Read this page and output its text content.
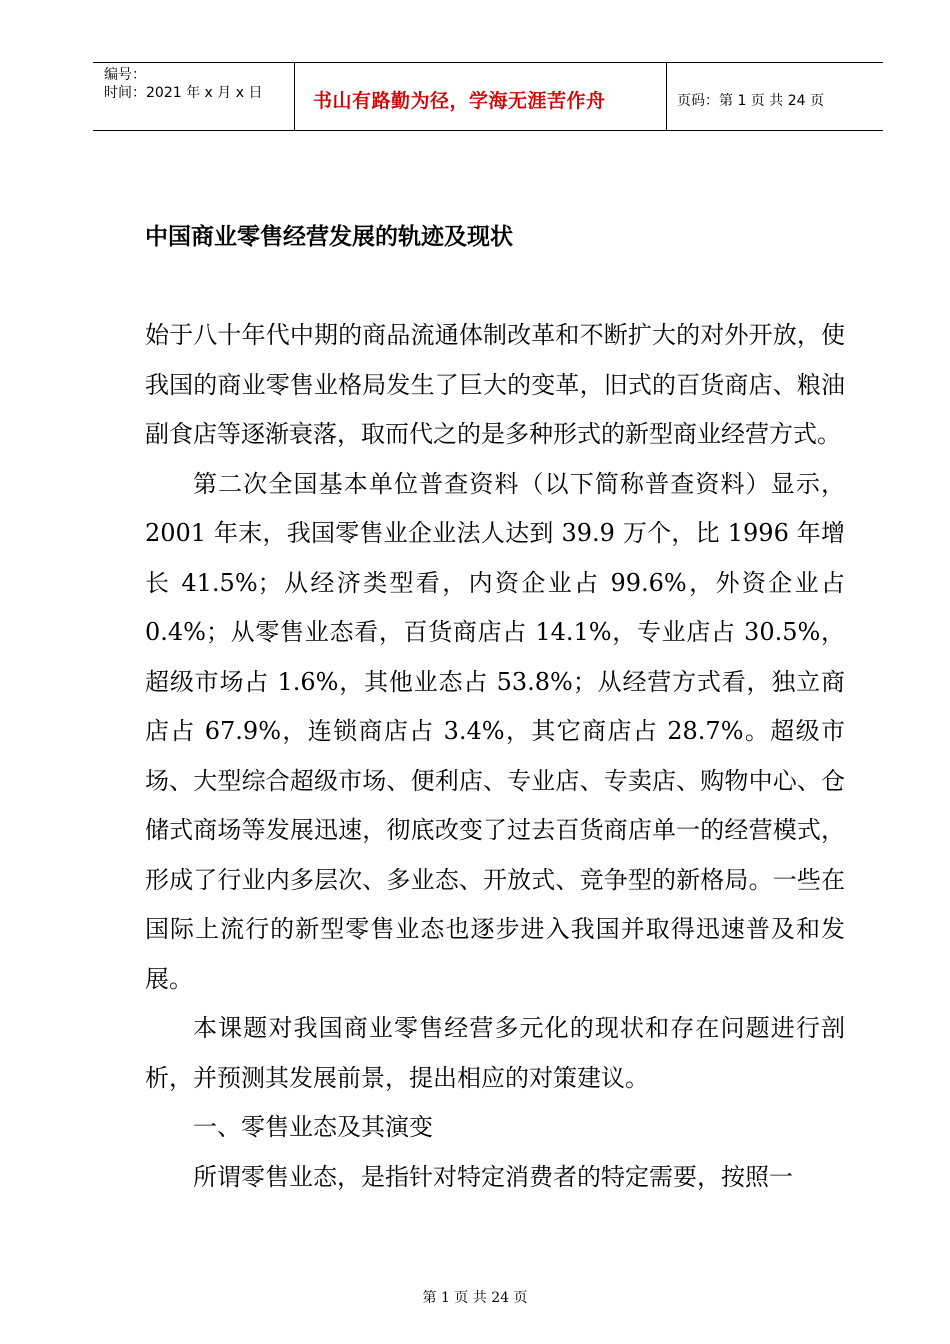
编号：
时间：2021 年 x 月 x 日	书山有路勤为径，学海无涯苦作舟	页码：第 1 页 共 24 页
中国商业零售经营发展的轨迹及现状

始于八十年代中期的商品流通体制改革和不断扩大的对外开放，使我国的商业零售业格局发生了巨大的变革，旧式的百货商店、粮油副食店等逐渐衰落，取而代之的是多种形式的新型商业经营方式。

第二次全国基本单位普查资料（以下简称普查资料）显示，2001 年末，我国零售业企业法人达到 39.9 万个，比 1996 年增长 41.5%；从经济类型看，内资企业占 99.6%，外资企业占 0.4%；从零售业态看，百货商店占 14.1%，专业店占 30.5%，超级市场占 1.6%，其他业态占 53.8%；从经营方式看，独立商店占 67.9%，连锁商店占 3.4%，其它商店占 28.7%。超级市场、大型综合超级市场、便利店、专业店、专卖店、购物中心、仓储式商场等发展迅速，彻底改变了过去百货商店单一的经营模式，形成了行业内多层次、多业态、开放式、竞争型的新格局。一些在国际上流行的新型零售业态也逐步进入我国并取得迅速普及和发展。

本课题对我国商业零售经营多元化的现状和存在问题进行剖析，并预测其发展前景，提出相应的对策建议。

一、零售业态及其演变

所谓零售业态，是指针对特定消费者的特定需要，按照一

第 1 页 共 24 页
